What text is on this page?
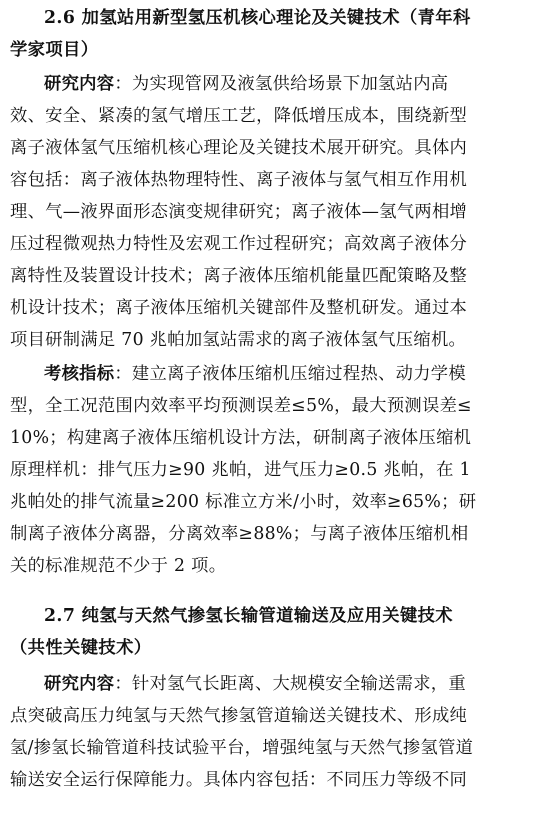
2.6 加氢站用新型氢压机核心理论及关键技术（青年科
学家项目）
研究内容：为实现管网及液氢供给场景下加氢站内高
效、安全、紧凑的氢气增压工艺，降低增压成本，围绕新型
离子液体氢气压缩机核心理论及关键技术展开研究。具体内
容包括：离子液体热物理特性、离子液体与氢气相互作用机
理、气—液界面形态演变规律研究；离子液体—氢气两相增
压过程微观热力特性及宏观工作过程研究；高效离子液体分
离特性及装置设计技术；离子液体压缩机能量匹配策略及整
机设计技术；离子液体压缩机关键部件及整机研发。通过本
项目研制满足 70 兆帕加氢站需求的离子液体氢气压缩机。
考核指标：建立离子液体压缩机压缩过程热、动力学模
型，全工况范围内效率平均预测误差≤5%，最大预测误差≤
10%；构建离子液体压缩机设计方法，研制离子液体压缩机
原理样机：排气压力≥90 兆帕，进气压力≥0.5 兆帕，在 1
兆帕处的排气流量≥200 标准立方米/小时，效率≥65%；研
制离子液体分离器，分离效率≥88%；与离子液体压缩机相
关的标准规范不少于 2 项。
2.7 纯氢与天然气掺氢长输管道输送及应用关键技术
（共性关键技术）
研究内容：针对氢气长距离、大规模安全输送需求，重
点突破高压力纯氢与天然气掺氢管道输送关键技术、形成纯
氢/掺氢长输管道科技试验平台，增强纯氢与天然气掺氢管道
输送安全运行保障能力。具体内容包括：不同压力等级不同
